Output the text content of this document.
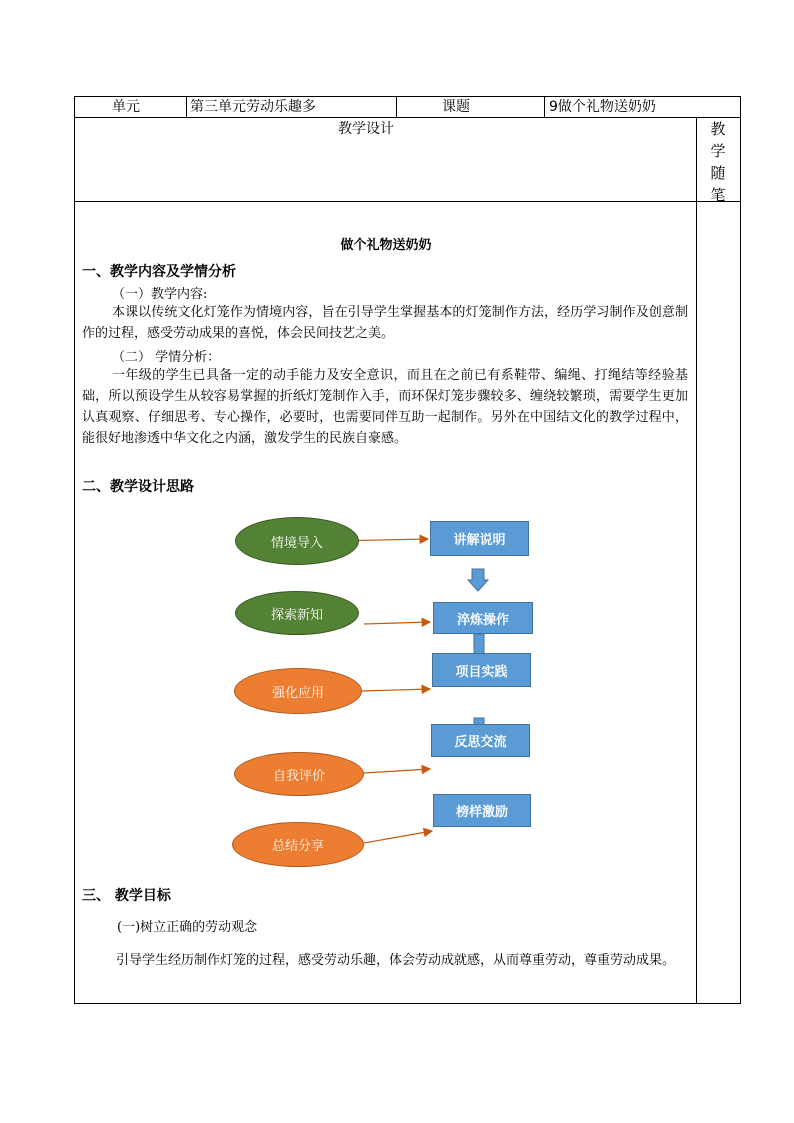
单元	第三单元劳动乐趣多	课题	9做个礼物送奶奶
教学设计	教
学
随
笔
做个礼物送奶奶
一、教学内容及学情分析
（一）教学内容:
本课以传统文化灯笼作为情境内容，旨在引导学生掌握基本的灯笼制作方法，经历学习制作及创意制作的过程，感受劳动成果的喜悦，体会民间技艺之美。
（二） 学情分析：
一年级的学生已具备一定的动手能力及安全意识，而且在之前已有系鞋带、编绳、打绳结等经验基础，所以预设学生从较容易掌握的折纸灯笼制作入手，而环保灯笼步骤较多、缠绕较繁琐，需要学生更加认真观察、仔细思考、专心操作，必要时，也需要同伴互助一起制作。另外在中国结文化的教学过程中，能很好地渗透中华文化之内涵，激发学生的民族自豪感。
二、教学设计思路
情境导入
探索新知
强化应用
自我评价
总结分享
讲解说明
淬炼操作
项目实践
反思交流
榜样激励
三、 教学目标
(一)树立正确的劳动观念
引导学生经历制作灯笼的过程，感受劳动乐趣，体会劳动成就感，从而尊重劳动，尊重劳动成果。
